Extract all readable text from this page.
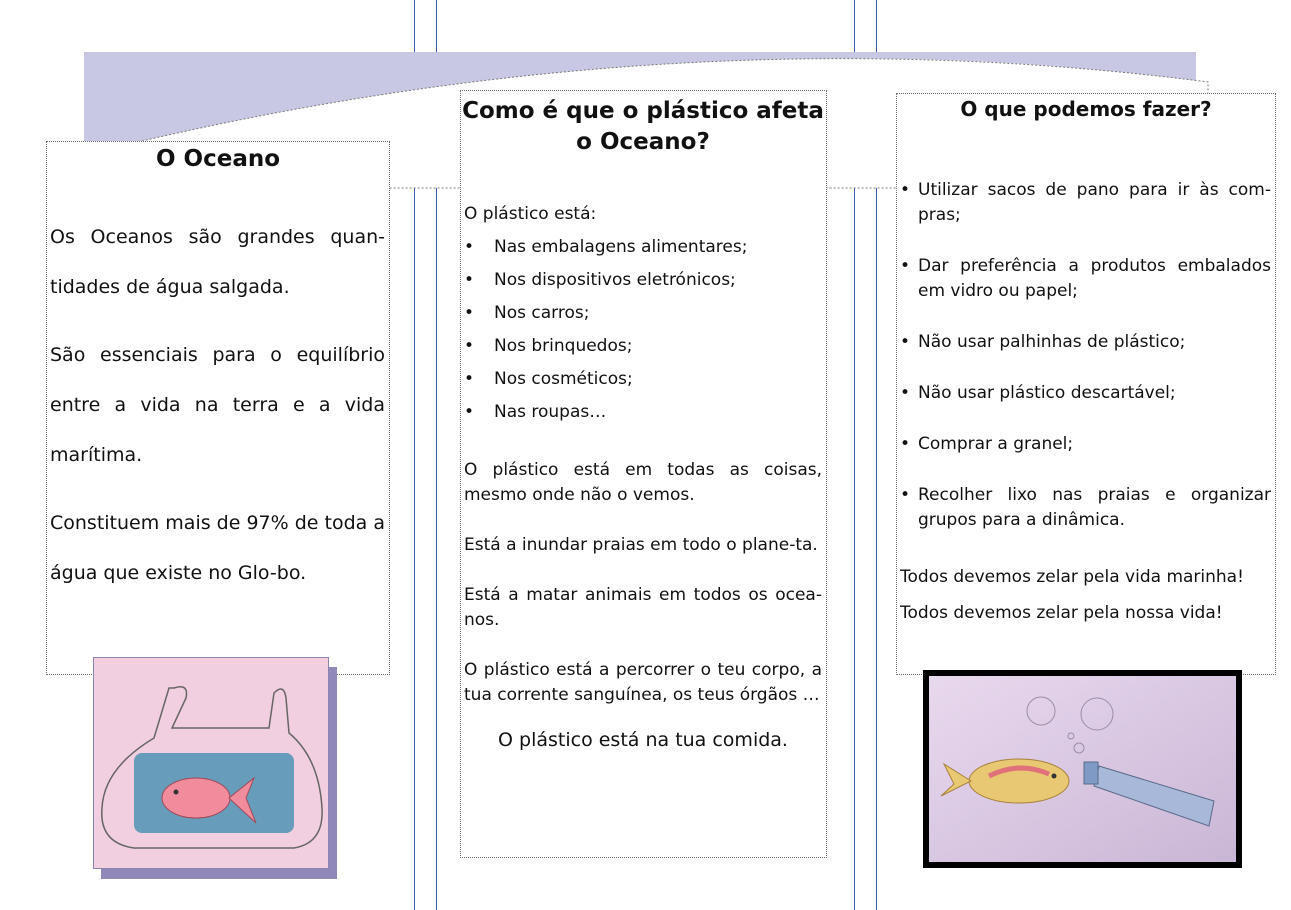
O Oceano

Os Oceanos são grandes quan-tidades de água salgada.

São essenciais para o equilíbrio entre a vida na terra e a vida marítima.

Constituem mais de 97% de toda a água que existe no Glo-bo.

Como é que o plástico afeta o Oceano?

O plástico está:

• Nas embalagens alimentares;
• Nos dispositivos eletrónicos;
• Nos carros;
• Nos brinquedos;
• Nos cosméticos;
• Nas roupas…

O plástico está em todas as coisas, mesmo onde não o vemos.

Está a inundar praias em todo o plane-ta.

Está a matar animais em todos os ocea-nos.

O plástico está a percorrer o teu corpo, a tua corrente sanguínea, os teus órgãos …

O plástico está na tua comida.

O que podemos fazer?
• Utilizar sacos de pano para ir às com-pras;
• Dar preferência a produtos embalados em vidro ou papel;
• Não usar palhinhas de plástico;
• Não usar plástico descartável;
• Comprar a granel;
• Recolher lixo nas praias e organizar grupos para a dinâmica.
Todos devemos zelar pela vida marinha!
Todos devemos zelar pela nossa vida!
